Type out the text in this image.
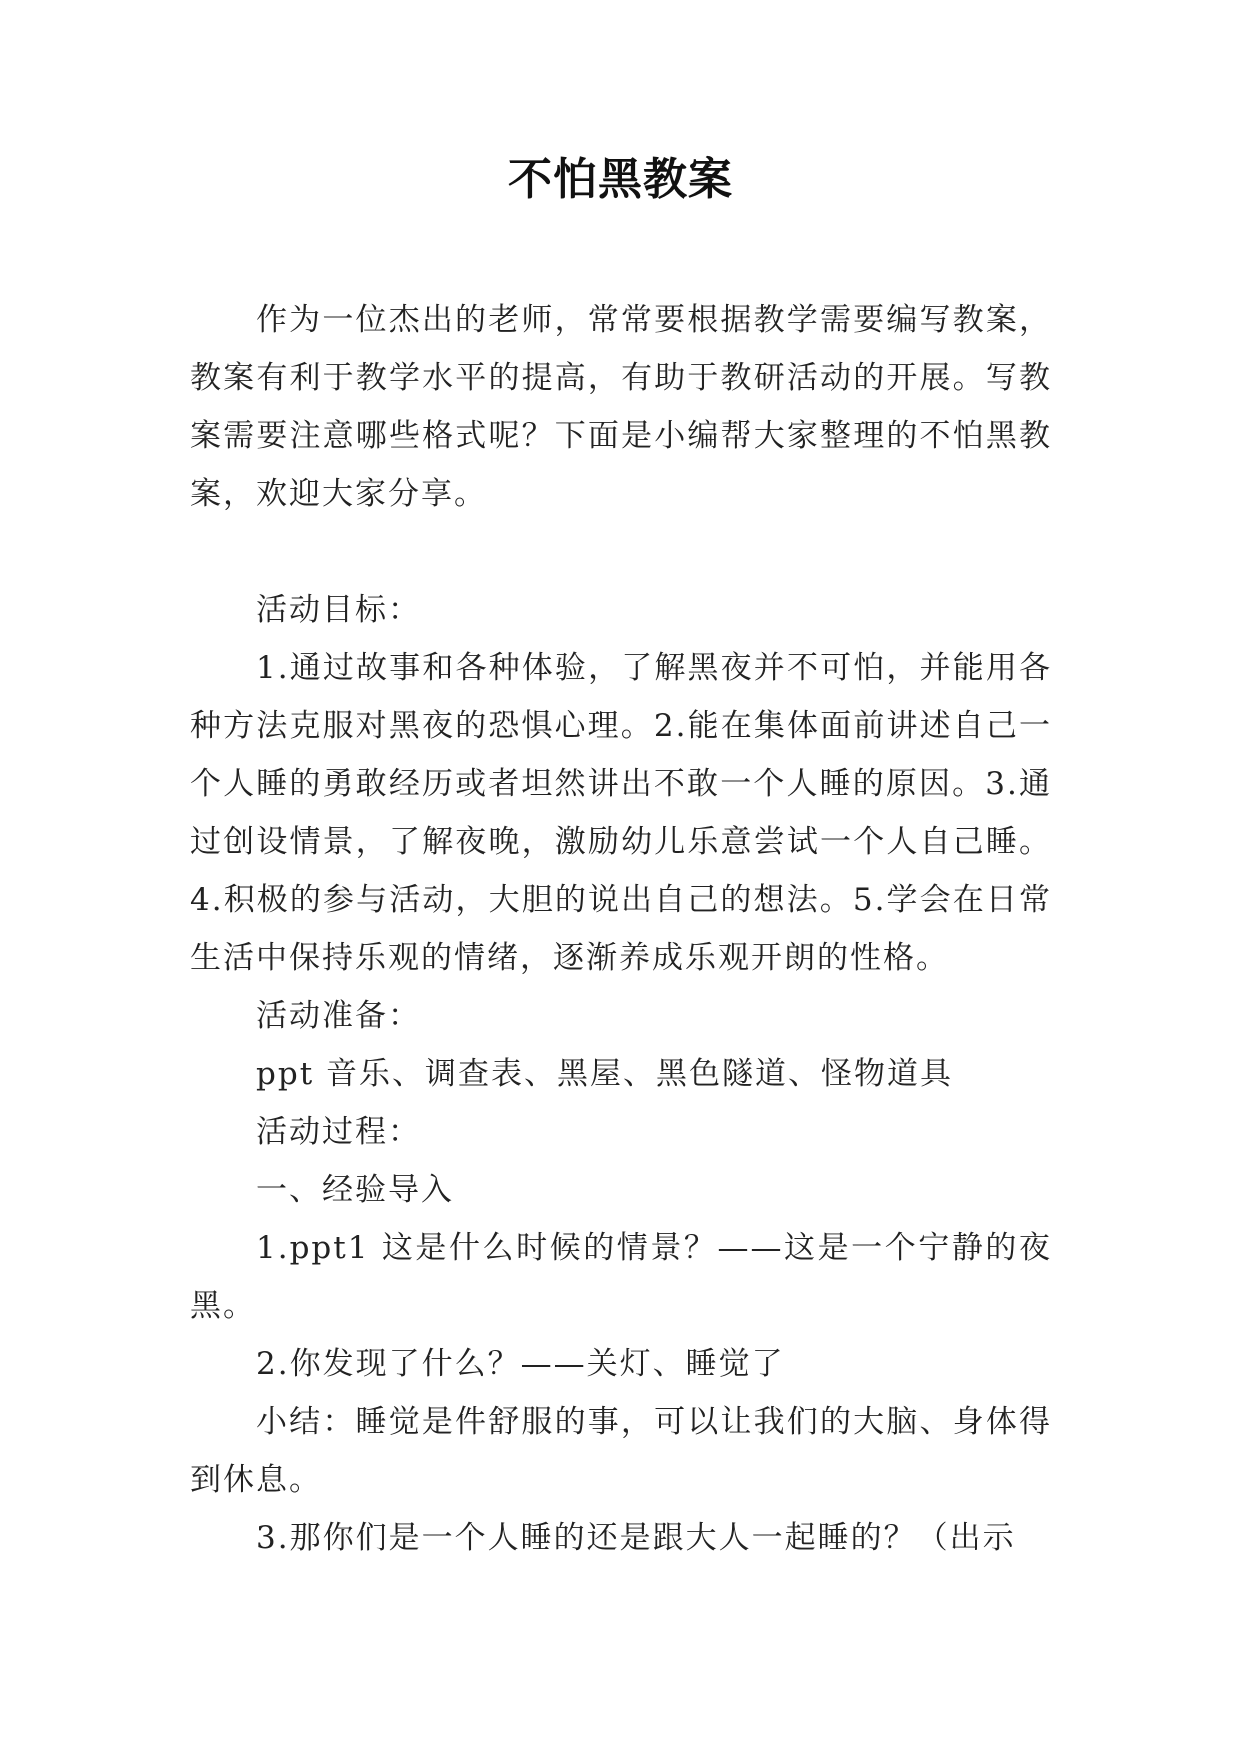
不怕黑教案

作为一位杰出的老师，常常要根据教学需要编写教案，教案有利于教学水平的提高，有助于教研活动的开展。写教案需要注意哪些格式呢？下面是小编帮大家整理的不怕黑教案，欢迎大家分享。

活动目标：

1.通过故事和各种体验，了解黑夜并不可怕，并能用各种方法克服对黑夜的恐惧心理。2.能在集体面前讲述自己一个人睡的勇敢经历或者坦然讲出不敢一个人睡的原因。3.通过创设情景，了解夜晚，激励幼儿乐意尝试一个人自己睡。4.积极的参与活动，大胆的说出自己的想法。5.学会在日常生活中保持乐观的情绪，逐渐养成乐观开朗的性格。

活动准备：

ppt 音乐、调查表、黑屋、黑色隧道、怪物道具

活动过程：

一、经验导入

1.ppt1 这是什么时候的情景？——这是一个宁静的夜黑。

2.你发现了什么？——关灯、睡觉了

小结：睡觉是件舒服的事，可以让我们的大脑、身体得到休息。

3.那你们是一个人睡的还是跟大人一起睡的？（出示
